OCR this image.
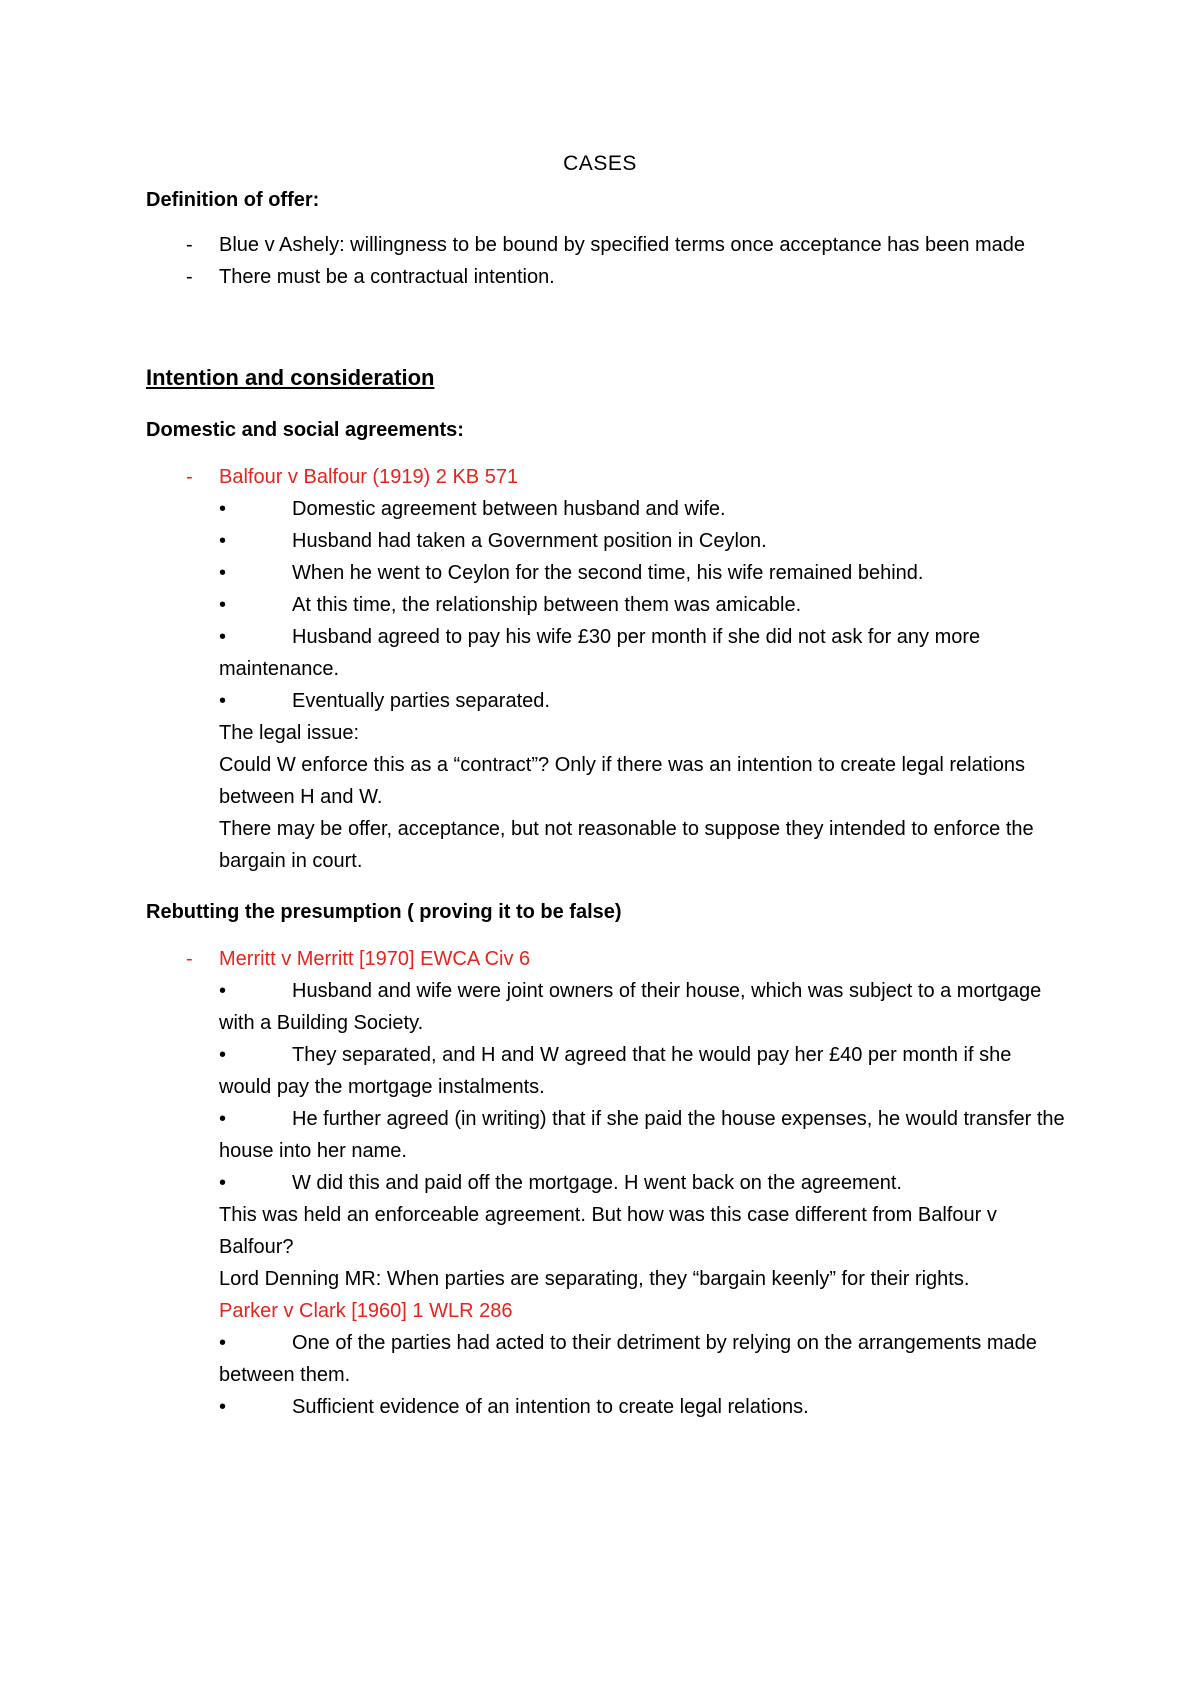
CASES
Definition of offer:
- Blue v Ashely: willingness to be bound by specified terms once acceptance has been made
- There must be a contractual intention.
Intention and consideration
Domestic and social agreements:
- Balfour v Balfour (1919) 2 KB 571
•	Domestic agreement between husband and wife.
•	Husband had taken a Government position in Ceylon.
•	When he went to Ceylon for the second time, his wife remained behind.
•	At this time, the relationship between them was amicable.
•	Husband agreed to pay his wife £30 per month if she did not ask for any more maintenance.
•	Eventually parties separated.
The legal issue:
Could W enforce this as a “contract”? Only if there was an intention to create legal relations between H and W.
There may be offer, acceptance, but not reasonable to suppose they intended to enforce the bargain in court.
Rebutting the presumption ( proving it to be false)
- Merritt v Merritt [1970] EWCA Civ 6
•	Husband and wife were joint owners of their house, which was subject to a mortgage with a Building Society.
•	They separated, and H and W agreed that he would pay her £40 per month if she would pay the mortgage instalments.
•	He further agreed (in writing) that if she paid the house expenses, he would transfer the house into her name.
•	W did this and paid off the mortgage. H went back on the agreement.
This was held an enforceable agreement. But how was this case different from Balfour v Balfour?
Lord Denning MR: When parties are separating, they “bargain keenly” for their rights.
Parker v Clark [1960] 1 WLR 286
•	One of the parties had acted to their detriment by relying on the arrangements made between them.
•	Sufficient evidence of an intention to create legal relations.
